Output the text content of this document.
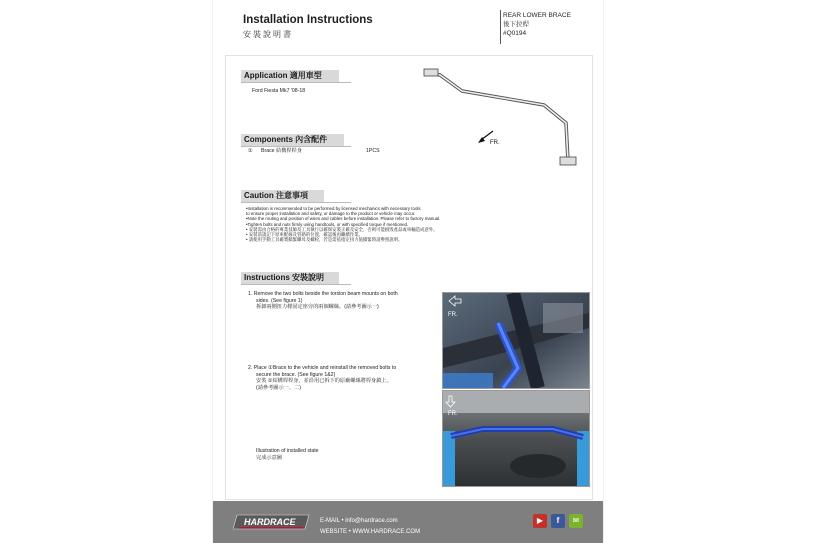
Installation Instructions
安裝說明書
REAR LOWER BRACE
後下拉桿
#Q0194
Application 適用車型
Ford Fiesta Mk7 '08-18
FR.
Components 內含配件
① Brace 結構桿桿身	1PCS
Caution 注意事項
•Installation is recommended to be performed by licensed mechanics with necessary tools
to ensure proper installation and safety, or damage to the product or vehicle may occur.
•Note the routing and position of wires and cables before installation. Please refer to factory manual.
•Tighten bolts and nuts firmly using handtools, or with specified torque if mentioned.
• 安裝需由合格的專業技師及工具執行以確保安裝正確及安全，否則可能損毀產品或車輛造成意外。
• 安裝前請記下原車配線及管路的位置，確認後再繼續作業。
• 請使用手動工具確實鎖緊螺母及螺栓，若是需依指定扭力值鎖緊時請參照說明。
Instructions 安裝說明
1. Remove the two bolts beside the torsion beam mounts on both
sides. (See figure 1)
拆卸兩側扭力樑固定座旁的兩個螺絲。(請參考圖示一)
2. Place ①Brace to the vehicle and reinstall the removed bolts to
secure the brace. (See figure 1&2)
安裝 ①結構桿桿身，並沿用已拆下的原廠螺絲將桿身鎖上。
(請參考圖示一、二)
Illustration of installed state
完成示意圖
FR.
FR.
HARDRACE	E-MAIL • info@hardrace.com
WEBSITE • WWW.HARDRACE.COM
▶	f	✉
